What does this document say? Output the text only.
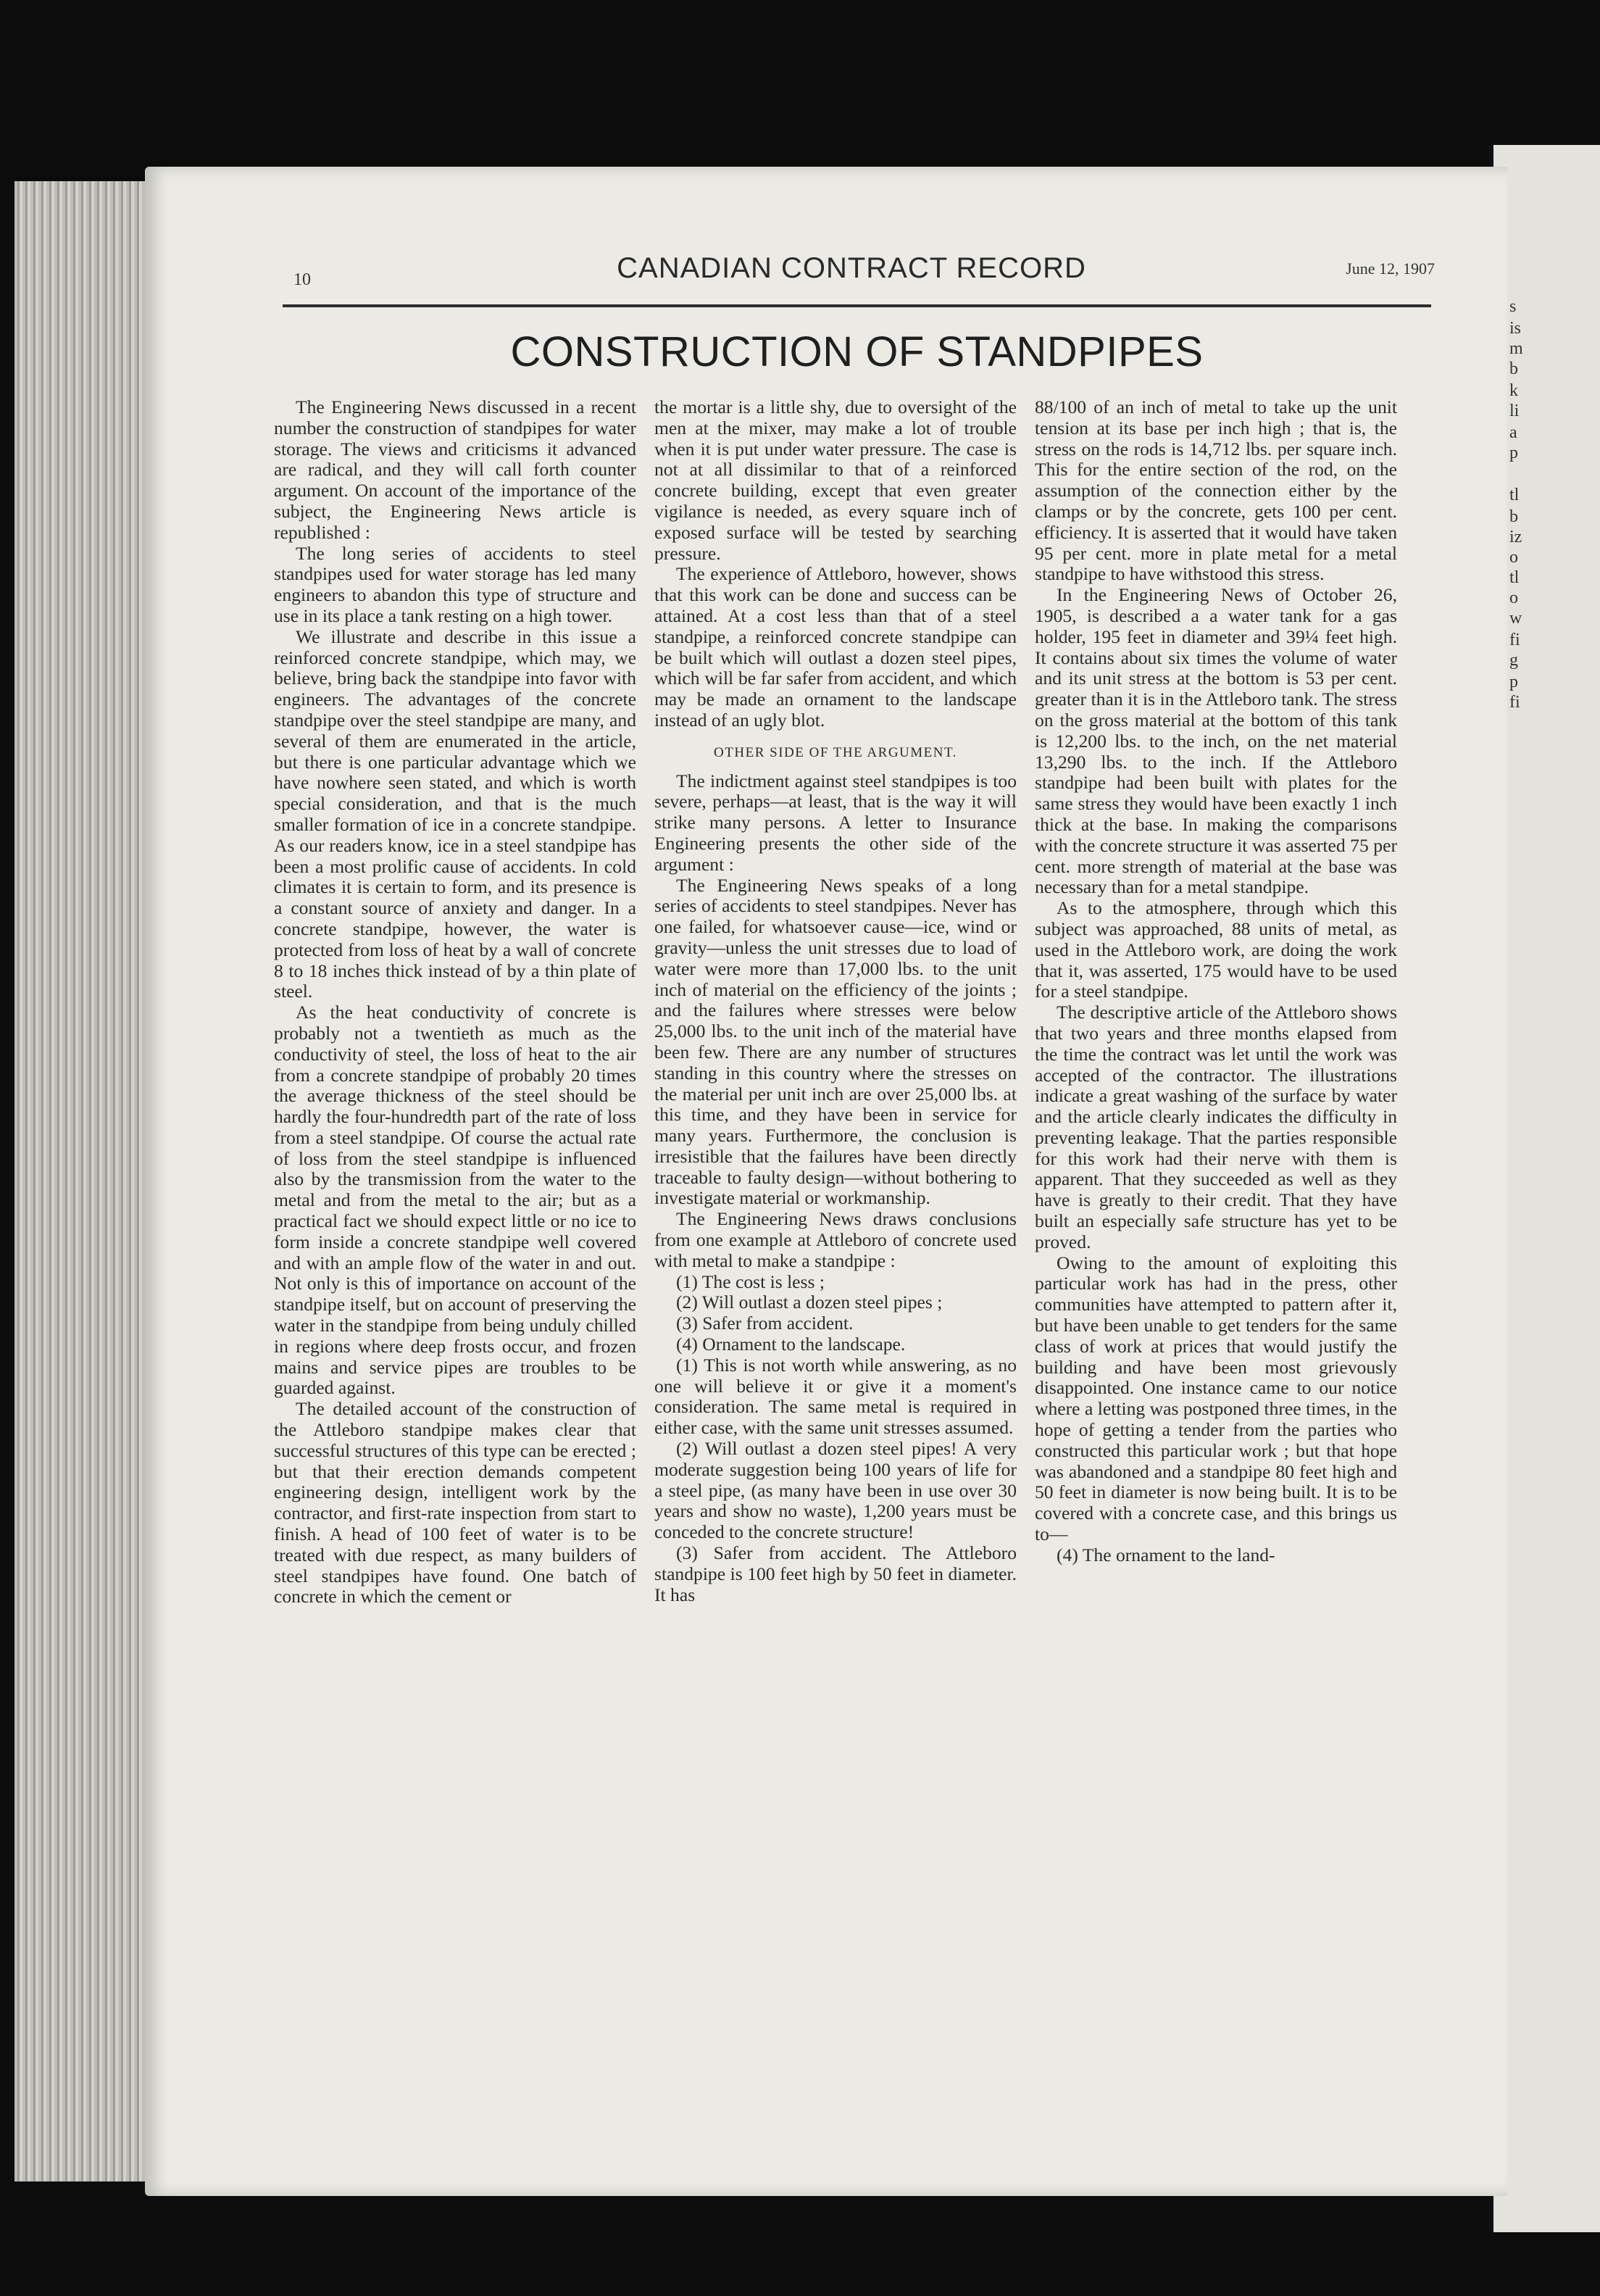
s
is
m
b
k
li
a
p
tl
b
iz
o
tl
o
w
fi
g
p
fi
10	CANADIAN CONTRACT RECORD	June 12, 1907
CONSTRUCTION OF STANDPIPES

The Engineering News discussed in a recent number the construction of standpipes for water storage. The views and criticisms it advanced are radical, and they will call forth counter argument. On account of the importance of the subject, the Engineering News article is republished :

The long series of accidents to steel standpipes used for water storage has led many engineers to abandon this type of structure and use in its place a tank resting on a high tower.

We illustrate and describe in this issue a reinforced concrete standpipe, which may, we believe, bring back the standpipe into favor with engineers. The advantages of the concrete standpipe over the steel standpipe are many, and several of them are enumerated in the article, but there is one particular advantage which we have nowhere seen stated, and which is worth special consideration, and that is the much smaller formation of ice in a concrete standpipe. As our readers know, ice in a steel standpipe has been a most prolific cause of accidents. In cold climates it is certain to form, and its presence is a constant source of anxiety and danger. In a concrete standpipe, however, the water is protected from loss of heat by a wall of concrete 8 to 18 inches thick instead of by a thin plate of steel.

As the heat conductivity of concrete is probably not a twentieth as much as the conductivity of steel, the loss of heat to the air from a concrete standpipe of probably 20 times the average thickness of the steel should be hardly the four-hundredth part of the rate of loss from a steel standpipe. Of course the actual rate of loss from the steel standpipe is influenced also by the transmission from the water to the metal and from the metal to the air; but as a practical fact we should expect little or no ice to form inside a concrete standpipe well covered and with an ample flow of the water in and out. Not only is this of importance on account of the standpipe itself, but on account of preserving the water in the standpipe from being unduly chilled in regions where deep frosts occur, and frozen mains and service pipes are troubles to be guarded against.

The detailed account of the construction of the Attleboro standpipe makes clear that successful structures of this type can be erected ; but that their erection demands competent engineering design, intelligent work by the contractor, and first-rate inspection from start to finish. A head of 100 feet of water is to be treated with due respect, as many builders of steel standpipes have found. One batch of concrete in which the cement or

the mortar is a little shy, due to oversight of the men at the mixer, may make a lot of trouble when it is put under water pressure. The case is not at all dissimilar to that of a reinforced concrete building, except that even greater vigilance is needed, as every square inch of exposed surface will be tested by searching pressure.

The experience of Attleboro, however, shows that this work can be done and success can be attained. At a cost less than that of a steel standpipe, a reinforced concrete standpipe can be built which will outlast a dozen steel pipes, which will be far safer from accident, and which may be made an ornament to the landscape instead of an ugly blot.

OTHER SIDE OF THE ARGUMENT.

The indictment against steel standpipes is too severe, perhaps—at least, that is the way it will strike many persons. A letter to Insurance Engineering presents the other side of the argument :

The Engineering News speaks of a long series of accidents to steel standpipes. Never has one failed, for whatsoever cause—ice, wind or gravity—unless the unit stresses due to load of water were more than 17,000 lbs. to the unit inch of material on the efficiency of the joints ; and the failures where stresses were below 25,000 lbs. to the unit inch of the material have been few. There are any number of structures standing in this country where the stresses on the material per unit inch are over 25,000 lbs. at this time, and they have been in service for many years. Furthermore, the conclusion is irresistible that the failures have been directly traceable to faulty design—without bothering to investigate material or workmanship.

The Engineering News draws conclusions from one example at Attleboro of concrete used with metal to make a standpipe :

(1) The cost is less ;

(2) Will outlast a dozen steel pipes ;

(3) Safer from accident.

(4) Ornament to the landscape.

(1) This is not worth while answering, as no one will believe it or give it a moment's consideration. The same metal is required in either case, with the same unit stresses assumed.

(2) Will outlast a dozen steel pipes! A very moderate suggestion being 100 years of life for a steel pipe, (as many have been in use over 30 years and show no waste), 1,200 years must be conceded to the concrete structure!

(3) Safer from accident. The Attleboro standpipe is 100 feet high by 50 feet in diameter. It has

88/100 of an inch of metal to take up the unit tension at its base per inch high ; that is, the stress on the rods is 14,712 lbs. per square inch. This for the entire section of the rod, on the assumption of the connection either by the clamps or by the concrete, gets 100 per cent. efficiency. It is asserted that it would have taken 95 per cent. more in plate metal for a metal standpipe to have withstood this stress.

In the Engineering News of October 26, 1905, is described a a water tank for a gas holder, 195 feet in diameter and 39¼ feet high. It contains about six times the volume of water and its unit stress at the bottom is 53 per cent. greater than it is in the Attleboro tank. The stress on the gross material at the bottom of this tank is 12,200 lbs. to the inch, on the net material 13,290 lbs. to the inch. If the Attleboro standpipe had been built with plates for the same stress they would have been exactly 1 inch thick at the base. In making the comparisons with the concrete structure it was asserted 75 per cent. more strength of material at the base was necessary than for a metal standpipe.

As to the atmosphere, through which this subject was approached, 88 units of metal, as used in the Attleboro work, are doing the work that it, was asserted, 175 would have to be used for a steel standpipe.

The descriptive article of the Attleboro shows that two years and three months elapsed from the time the contract was let until the work was accepted of the contractor. The illustrations indicate a great washing of the surface by water and the article clearly indicates the difficulty in preventing leakage. That the parties responsible for this work had their nerve with them is apparent. That they succeeded as well as they have is greatly to their credit. That they have built an especially safe structure has yet to be proved.

Owing to the amount of exploiting this particular work has had in the press, other communities have attempted to pattern after it, but have been unable to get tenders for the same class of work at prices that would justify the building and have been most grievously disappointed. One instance came to our notice where a letting was postponed three times, in the hope of getting a tender from the parties who constructed this particular work ; but that hope was abandoned and a standpipe 80 feet high and 50 feet in diameter is now being built. It is to be covered with a concrete case, and this brings us to—

(4) The ornament to the land-
